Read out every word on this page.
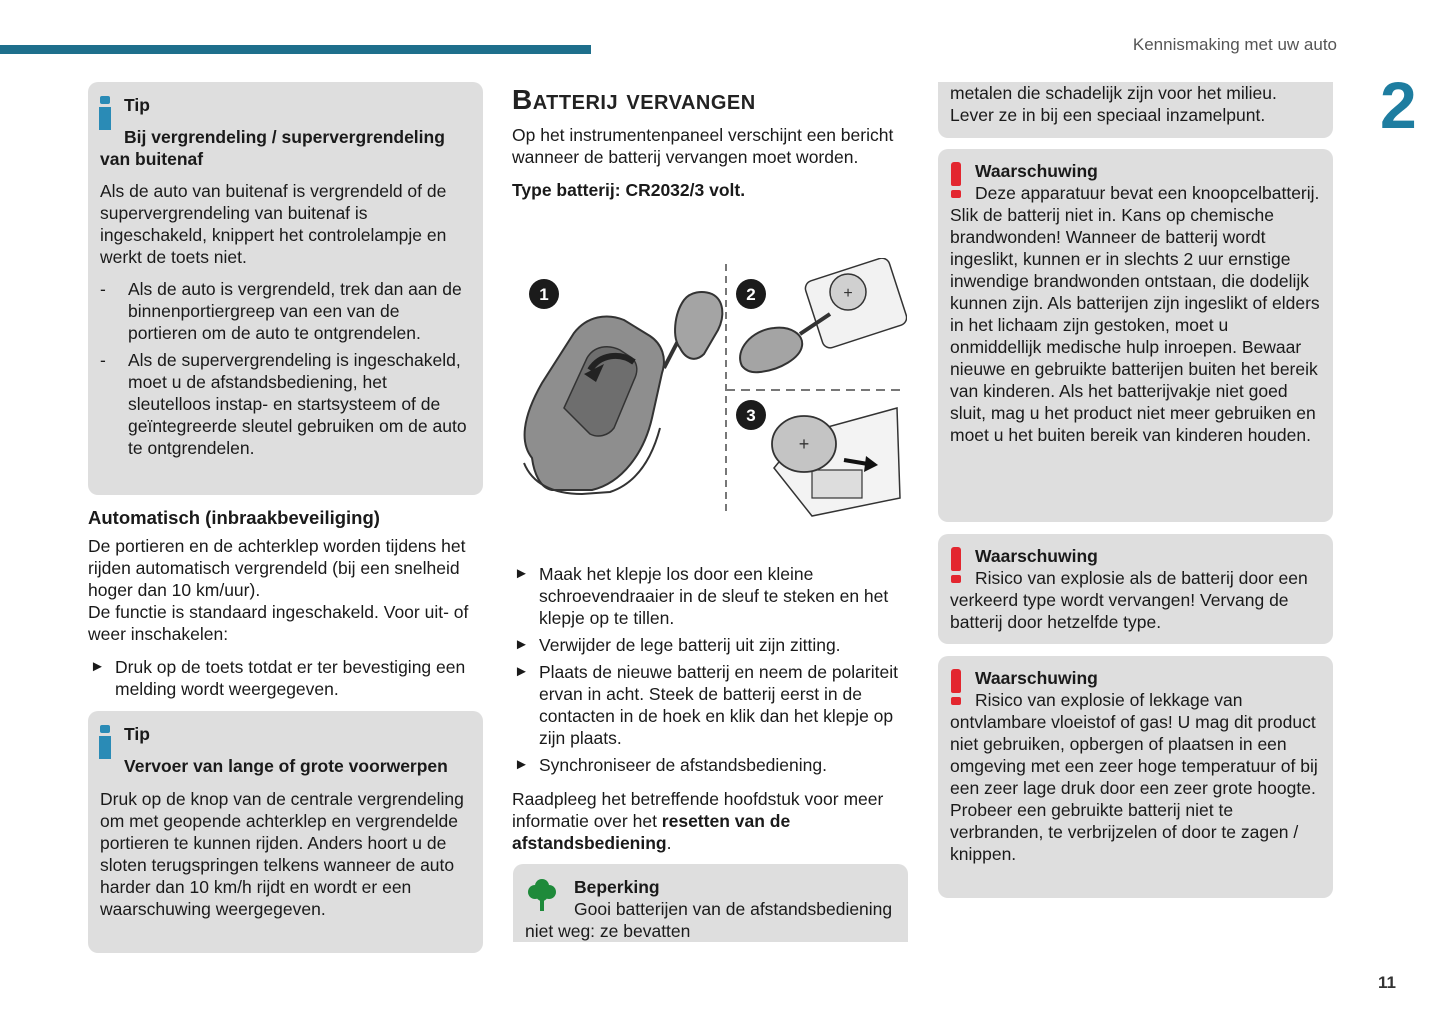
Kennismaking met uw auto
2
11

Tip

Bij vergrendeling / supervergrendeling van buitenaf

Als de auto van buitenaf is vergrendeld of de supervergrendeling van buitenaf is ingeschakeld, knippert het controlelampje en werkt de toets niet.

- Als de auto is vergrendeld, trek dan aan de binnenportiergreep van een van de portieren om de auto te ontgrendelen.
- Als de supervergrendeling is ingeschakeld, moet u de afstandsbediening, het sleutelloos instap- en startsysteem of de geïntegreerde sleutel gebruiken om de auto te ontgrendelen.

Automatisch (inbraakbeveiliging)

De portieren en de achterklep worden tijdens het rijden automatisch vergrendeld (bij een snelheid hoger dan 10 km/uur).

De functie is standaard ingeschakeld. Voor uit- of weer inschakelen:

► Druk op de toets totdat er ter bevestiging een melding wordt weergegeven.

Tip

Vervoer van lange of grote voorwerpen

Druk op de knop van de centrale vergrendeling om met geopende achterklep en vergrendelde portieren te kunnen rijden. Anders hoort u de sloten terugspringen telkens wanneer de auto harder dan 10 km/h rijdt en wordt er een waarschuwing weergegeven.

Batterij vervangen

Op het instrumentenpaneel verschijnt een bericht wanneer de batterij vervangen moet worden.

Type batterij: CR2032/3 volt.

1	+
2
+
3
► Maak het klepje los door een kleine schroevendraaier in de sleuf te steken en het klepje op te tillen.
► Verwijder de lege batterij uit zijn zitting.
► Plaats de nieuwe batterij en neem de polariteit ervan in acht. Steek de batterij eerst in de contacten in de hoek en klik dan het klepje op zijn plaats.
► Synchroniseer de afstandsbediening.

Raadpleeg het betreffende hoofdstuk voor meer informatie over het resetten van de afstandsbediening.

Beperking

Gooi batterijen van de afstandsbediening niet weg: ze bevatten

metalen die schadelijk zijn voor het milieu. Lever ze in bij een speciaal inzamelpunt.

Waarschuwing

Deze apparatuur bevat een knoopcelbatterij. Slik de batterij niet in. Kans op chemische brandwonden! Wanneer de batterij wordt ingeslikt, kunnen er in slechts 2 uur ernstige inwendige brandwonden ontstaan, die dodelijk kunnen zijn. Als batterijen zijn ingeslikt of elders in het lichaam zijn gestoken, moet u onmiddellijk medische hulp inroepen. Bewaar nieuwe en gebruikte batterijen buiten het bereik van kinderen. Als het batterijvakje niet goed sluit, mag u het product niet meer gebruiken en moet u het buiten bereik van kinderen houden.

Waarschuwing

Risico van explosie als de batterij door een verkeerd type wordt vervangen! Vervang de batterij door hetzelfde type.

Waarschuwing

Risico van explosie of lekkage van ontvlambare vloeistof of gas! U mag dit product niet gebruiken, opbergen of plaatsen in een omgeving met een zeer hoge temperatuur of bij een zeer lage druk door een zeer grote hoogte. Probeer een gebruikte batterij niet te verbranden, te verbrijzelen of door te zagen / knippen.
